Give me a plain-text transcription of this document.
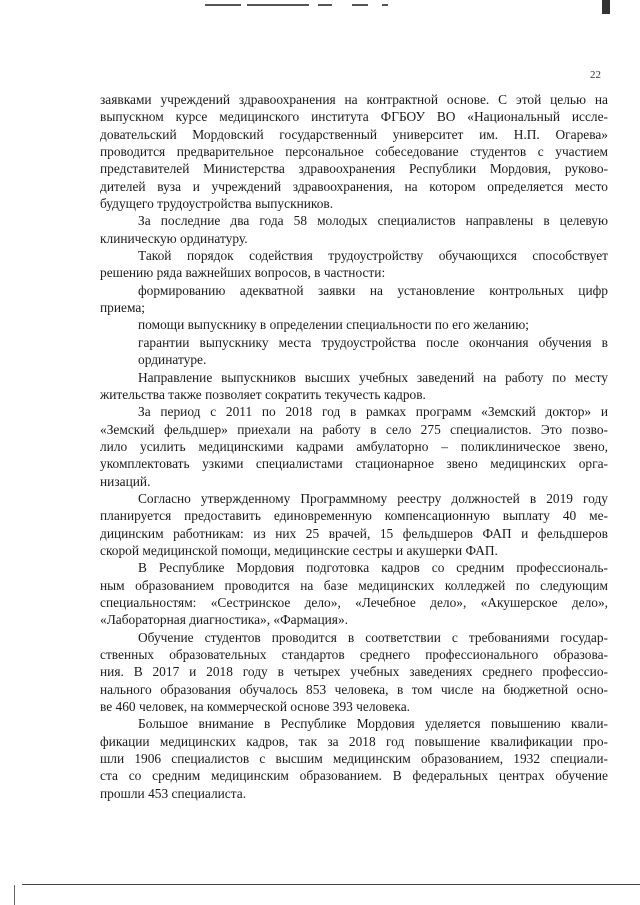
22
заявками учреждений здравоохранения на контрактной основе. С этой целью на
выпускном курсе медицинского института ФГБОУ ВО «Национальный иссле-
довательский Мордовский государственный университет им. Н.П. Огарева»
проводится предварительное персональное собеседование студентов с участием
представителей Министерства здравоохранения Республики Мордовия, руково-
дителей вуза и учреждений здравоохранения, на котором определяется место
будущего трудоустройства выпускников.
За последние два года 58 молодых специалистов направлены в целевую
клиническую ординатуру.
Такой порядок содействия трудоустройству обучающихся способствует
решению ряда важнейших вопросов, в частности:
формированию адекватной заявки на установление контрольных цифр
приема;
помощи выпускнику в определении специальности по его желанию;
гарантии выпускнику места трудоустройства после окончания обучения в
ординатуре.
Направление выпускников высших учебных заведений на работу по месту
жительства также позволяет сократить текучесть кадров.
За период с 2011 по 2018 год в рамках программ «Земский доктор» и
«Земский фельдшер» приехали на работу в село 275 специалистов. Это позво-
лило усилить медицинскими кадрами амбулаторно – поликлиническое звено,
укомплектовать узкими специалистами стационарное звено медицинских орга-
низаций.
Согласно утвержденному Программному реестру должностей в 2019 году
планируется предоставить единовременную компенсационную выплату 40 ме-
дицинским работникам: из них 25 врачей, 15 фельдшеров ФАП и фельдшеров
скорой медицинской помощи, медицинские сестры и акушерки ФАП.
В Республике Мордовия подготовка кадров со средним профессиональ-
ным образованием проводится на базе медицинских колледжей по следующим
специальностям: «Сестринское дело», «Лечебное дело», «Акушерское дело»,
«Лабораторная диагностика», «Фармация».
Обучение студентов проводится в соответствии с требованиями государ-
ственных образовательных стандартов среднего профессионального образова-
ния. В 2017 и 2018 году в четырех учебных заведениях среднего профессио-
нального образования обучалось 853 человека, в том числе на бюджетной осно-
ве 460 человек, на коммерческой основе 393 человека.
Большое внимание в Республике Мордовия уделяется повышению квали-
фикации медицинских кадров, так за 2018 год повышение квалификации про-
шли 1906 специалистов с высшим медицинским образованием, 1932 специали-
ста со средним медицинским образованием. В федеральных центрах обучение
прошли 453 специалиста.
